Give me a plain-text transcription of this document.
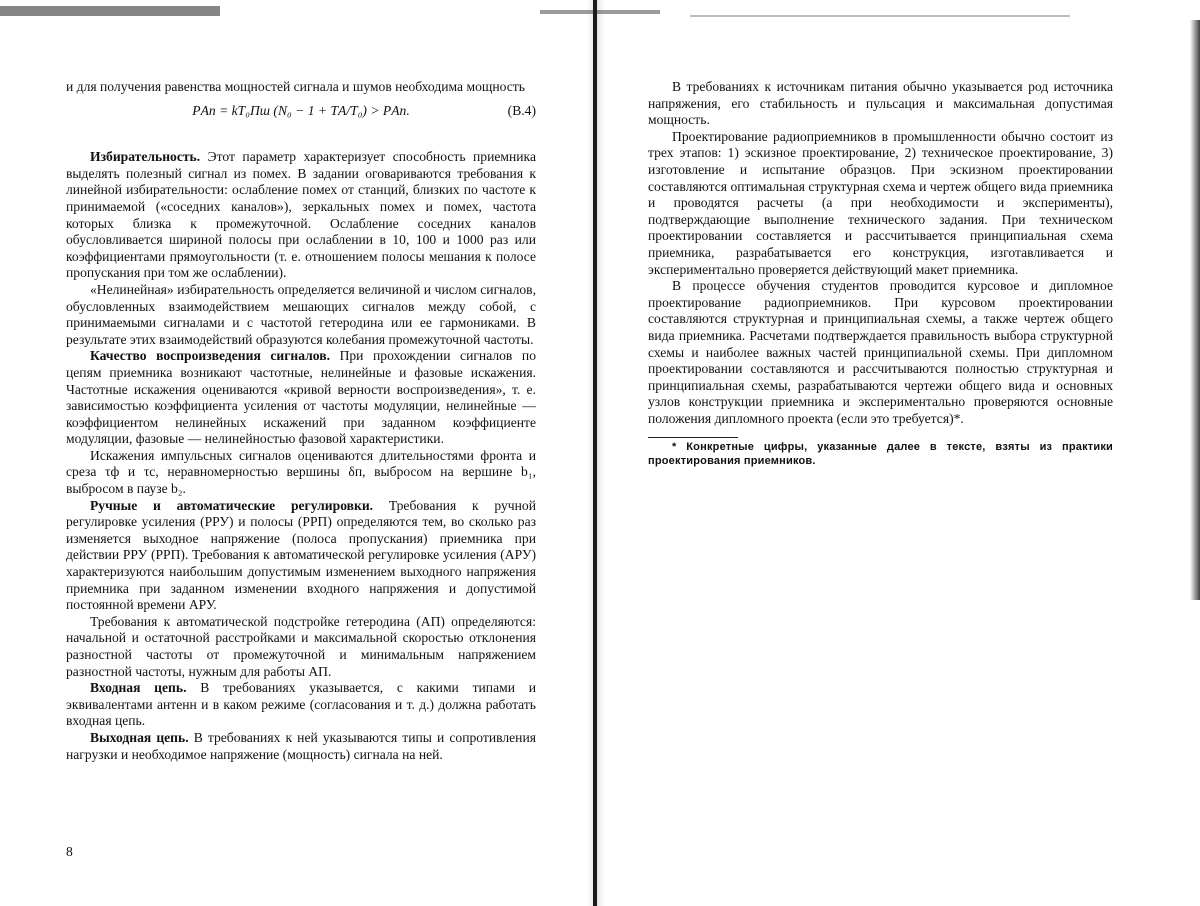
и для получения равенства мощностей сигнала и шумов необходима мощность

PАп = kT₀Πш (N₀ − 1 + TА/T₀) > PАп.	(В.4)

Избирательность. Этот параметр характеризует способность приемника выделять полезный сигнал из помех. В задании оговариваются требования к линейной избирательности: ослабление помех от станций, близких по частоте к принимаемой («соседних каналов»), зеркальных помех и помех, частота которых близка к промежуточной. Ослабление соседних каналов обусловливается шириной полосы при ослаблении в 10, 100 и 1000 раз или коэффициентами прямоугольности (т. е. отношением полосы мешания к полосе пропускания при том же ослаблении).

«Нелинейная» избирательность определяется величиной и числом сигналов, обусловленных взаимодействием мешающих сигналов между собой, с принимаемыми сигналами и с частотой гетеродина или ее гармониками. В результате этих взаимодействий образуются колебания промежуточной частоты.

Качество воспроизведения сигналов. При прохождении сигналов по цепям приемника возникают частотные, нелинейные и фазовые искажения. Частотные искажения оцениваются «кривой верности воспроизведения», т. е. зависимостью коэффициента усиления от частоты модуляции, нелинейные — коэффициентом нелинейных искажений при заданном коэффициенте модуляции, фазовые — нелинейностью фазовой характеристики.

Искажения импульсных сигналов оцениваются длительностями фронта и среза τф и τс, неравномерностью вершины δп, выбросом на вершине b₁, выбросом в паузе b₂.

Ручные и автоматические регулировки. Требования к ручной регулировке усиления (РРУ) и полосы (РРП) определяются тем, во сколько раз изменяется выходное напряжение (полоса пропускания) приемника при действии РРУ (РРП). Требования к автоматической регулировке усиления (АРУ) характеризуются наибольшим допустимым изменением выходного напряжения приемника при заданном изменении входного напряжения и допустимой постоянной времени АРУ.

Требования к автоматической подстройке гетеродина (АП) определяются: начальной и остаточной расстройками и максимальной скоростью отклонения разностной частоты от промежуточной и минимальным напряжением разностной частоты, нужным для работы АП.

Входная цепь. В требованиях указывается, с какими типами и эквивалентами антенн и в каком режиме (согласования и т. д.) должна работать входная цепь.

Выходная цепь. В требованиях к ней указываются типы и сопротивления нагрузки и необходимое напряжение (мощность) сигнала на ней.

8

В требованиях к источникам питания обычно указывается род источника напряжения, его стабильность и пульсация и максимальная допустимая мощность.

Проектирование радиоприемников в промышленности обычно состоит из трех этапов: 1) эскизное проектирование, 2) техническое проектирование, 3) изготовление и испытание образцов. При эскизном проектировании составляются оптимальная структурная схема и чертеж общего вида приемника и проводятся расчеты (а при необходимости и эксперименты), подтверждающие выполнение технического задания. При техническом проектировании составляется и рассчитывается принципиальная схема приемника, разрабатывается его конструкция, изготавливается и экспериментально проверяется действующий макет приемника.

В процессе обучения студентов проводится курсовое и дипломное проектирование радиоприемников. При курсовом проектировании составляются структурная и принципиальная схемы, а также чертеж общего вида приемника. Расчетами подтверждается правильность выбора структурной схемы и наиболее важных частей принципиальной схемы. При дипломном проектировании составляются и рассчитываются полностью структурная и принципиальная схемы, разрабатываются чертежи общего вида и основных узлов конструкции приемника и экспериментально проверяются основные положения дипломного проекта (если это требуется)*.

* Конкретные цифры, указанные далее в тексте, взяты из практики проектирования приемников.
